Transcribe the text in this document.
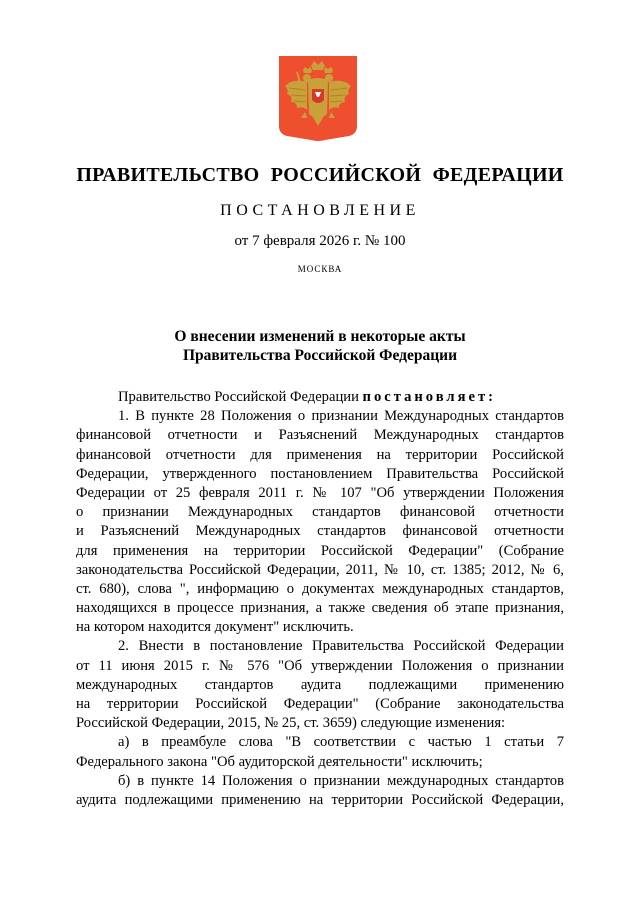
ПРАВИТЕЛЬСТВО РОССИЙСКОЙ ФЕДЕРАЦИИ
ПОСТАНОВЛЕНИЕ
от 7 февраля 2026 г. № 100
МОСКВА
О внесении изменений в некоторые акты
Правительства Российской Федерации
Правительство Российской Федерации постановляет:
1. В пункте 28 Положения о признании Международных стандартов
финансовой отчетности и Разъяснений Международных стандартов
финансовой отчетности для применения на территории Российской
Федерации, утвержденного постановлением Правительства Российской
Федерации от 25 февраля 2011 г. № 107 "Об утверждении Положения
о признании Международных стандартов финансовой отчетности
и Разъяснений Международных стандартов финансовой отчетности
для применения на территории Российской Федерации" (Собрание
законодательства Российской Федерации, 2011, № 10, ст. 1385; 2012, № 6,
ст. 680), слова ", информацию о документах международных стандартов,
находящихся в процессе признания, а также сведения об этапе признания,
на котором находится документ" исключить.
2. Внести в постановление Правительства Российской Федерации
от 11 июня 2015 г. № 576 "Об утверждении Положения о признании
международных стандартов аудита подлежащими применению
на территории Российской Федерации" (Собрание законодательства
Российской Федерации, 2015, № 25, ст. 3659) следующие изменения:
а) в преамбуле слова "В соответствии с частью 1 статьи 7
Федерального закона "Об аудиторской деятельности" исключить;
б) в пункте 14 Положения о признании международных стандартов
аудита подлежащими применению на территории Российской Федерации,
